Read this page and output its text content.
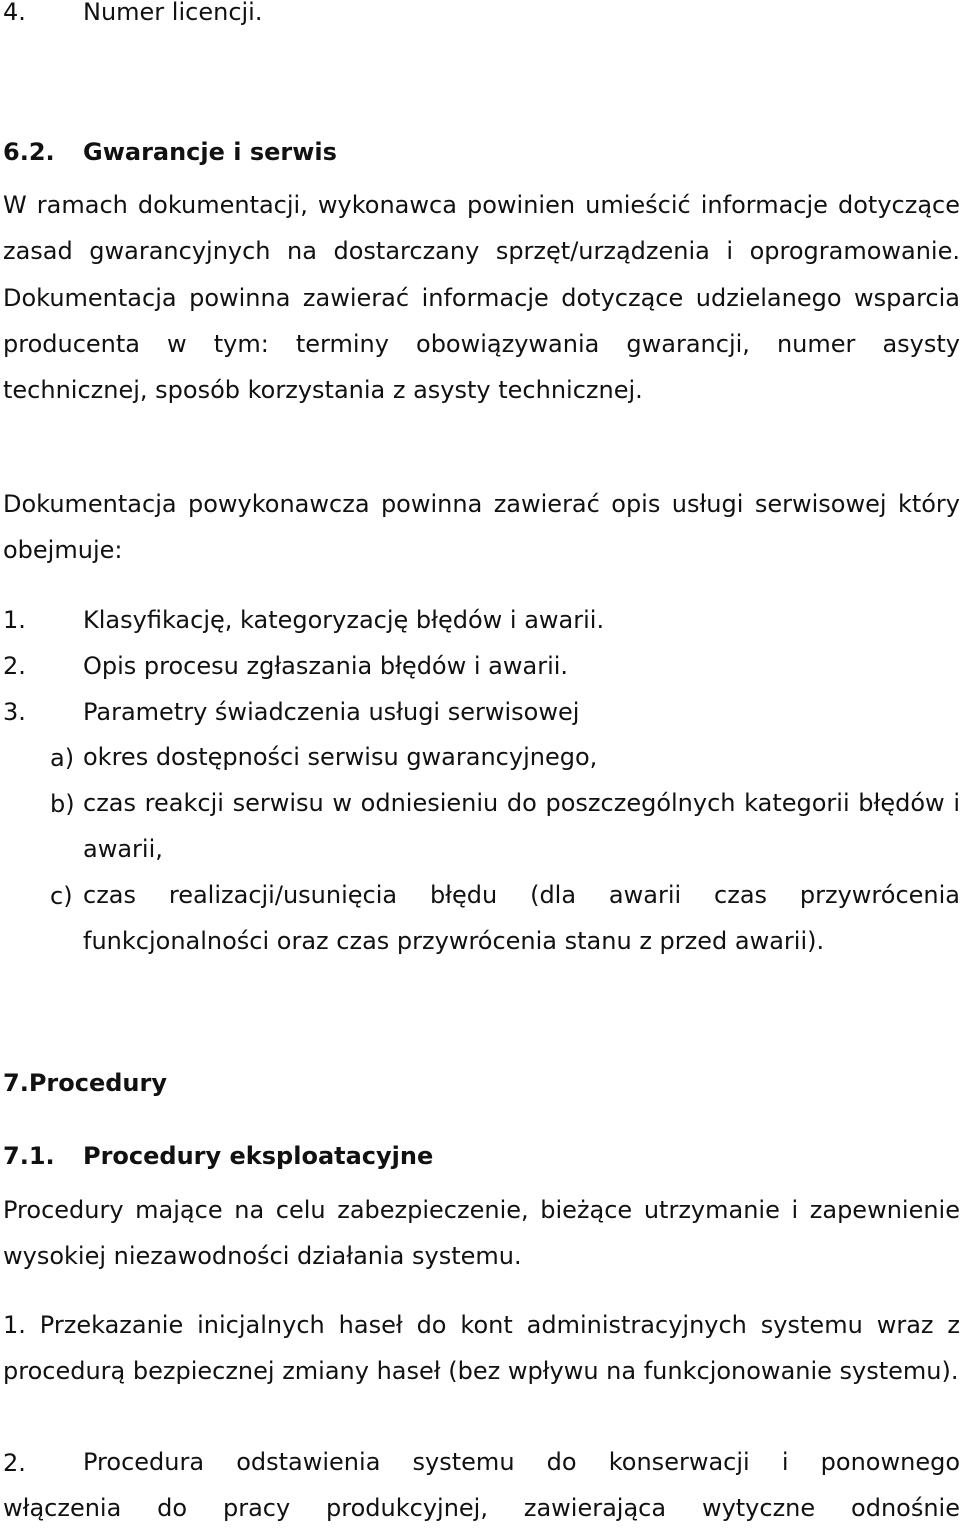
4. Numer licencji.
6.2. Gwarancje i serwis
W ramach dokumentacji, wykonawca powinien umieścić informacje dotyczące zasad gwarancyjnych na dostarczany sprzęt/urządzenia i oprogramowanie. Dokumentacja powinna zawierać informacje dotyczące udzielanego wsparcia producenta w tym: terminy obowiązywania gwarancji, numer asysty technicznej, sposób korzystania z asysty technicznej.
Dokumentacja powykonawcza powinna zawierać opis usługi serwisowej który obejmuje:
1. Klasyfikację, kategoryzację błędów i awarii.
2. Opis procesu zgłaszania błędów i awarii.
3. Parametry świadczenia usługi serwisowej
a) okres dostępności serwisu gwarancyjnego,
b) czas reakcji serwisu w odniesieniu do poszczególnych kategorii błędów i awarii,
c) czas realizacji/usunięcia błędu (dla awarii czas przywrócenia funkcjonalności oraz czas przywrócenia stanu z przed awarii).
7.Procedury
7.1. Procedury eksploatacyjne
Procedury mające na celu zabezpieczenie, bieżące utrzymanie i zapewnienie wysokiej niezawodności działania systemu.
1. Przekazanie inicjalnych haseł do kont administracyjnych systemu wraz z procedurą bezpiecznej zmiany haseł (bez wpływu na funkcjonowanie systemu).
2. Procedura odstawienia systemu do konserwacji i ponownego
włączenia do pracy produkcyjnej, zawierająca wytyczne odnośnie
